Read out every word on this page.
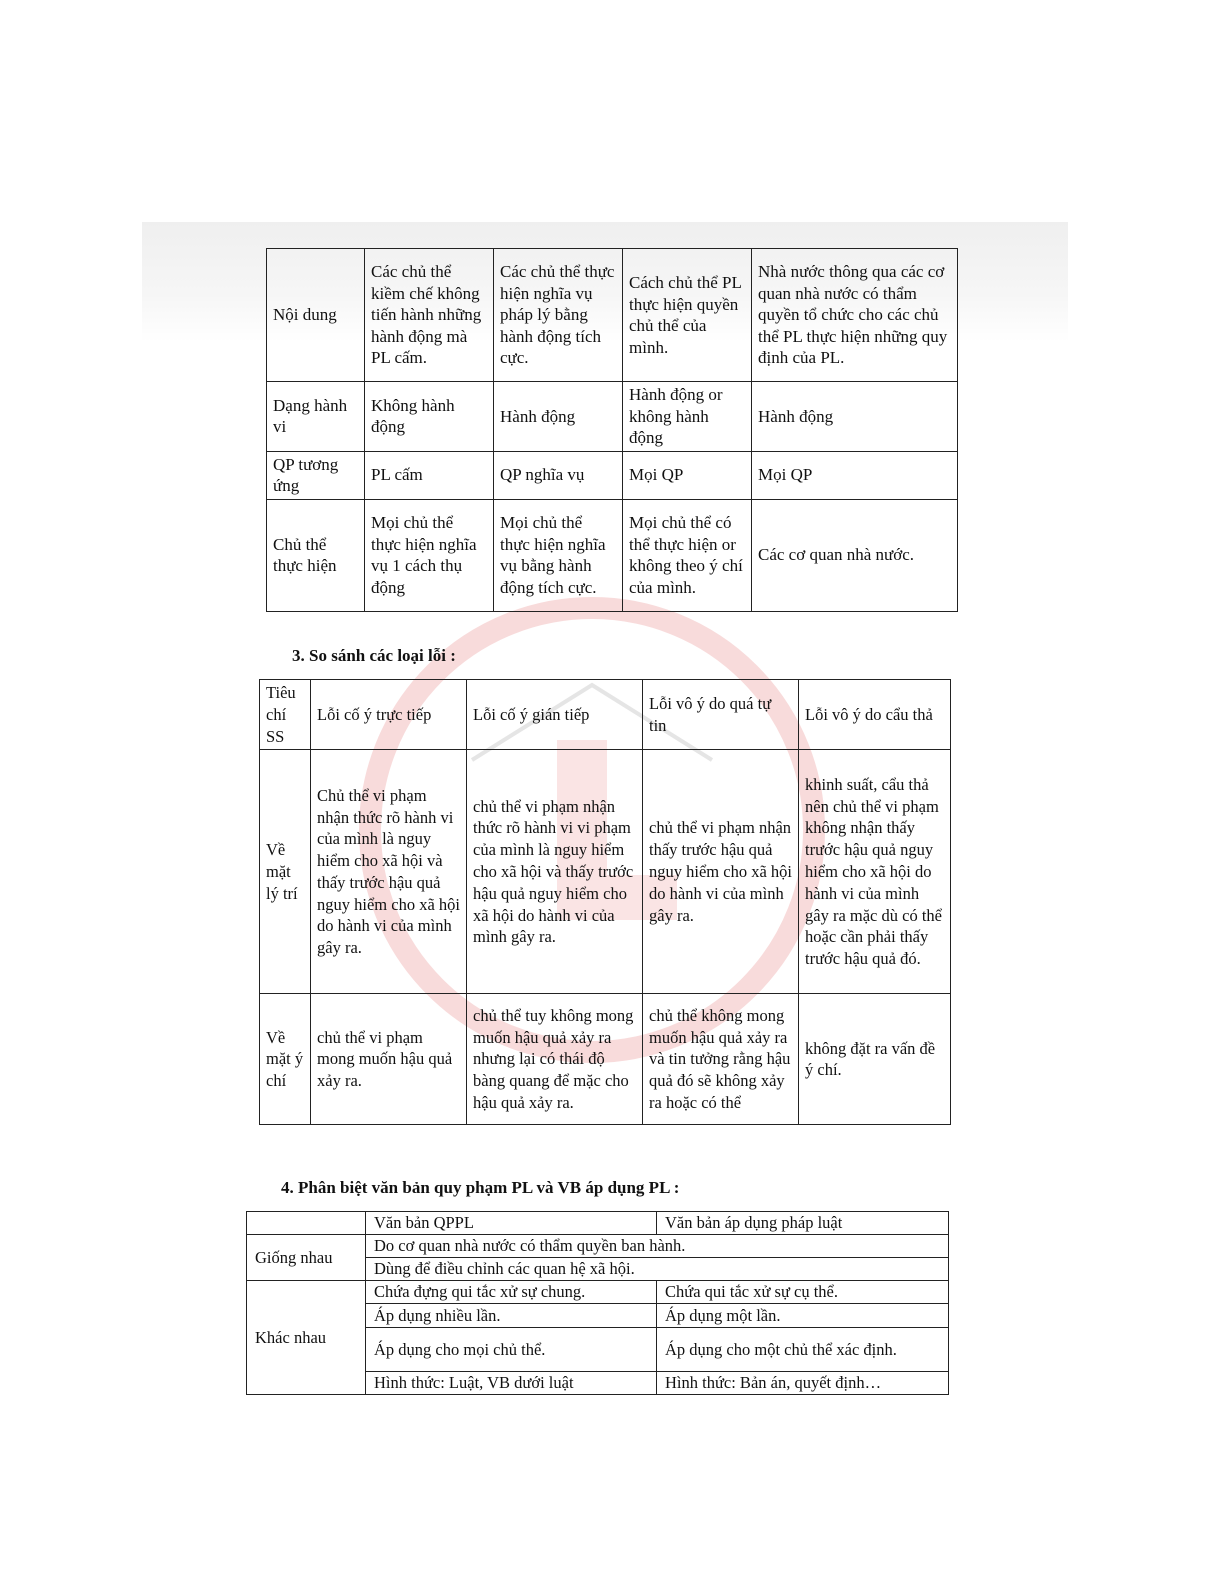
Nội dung	Các chủ thể kiềm chế không tiến hành những hành động mà PL cấm.	Các chủ thể thực hiện nghĩa vụ pháp lý bằng hành động tích cực.	Cách chủ thể PL thực hiện quyền chủ thể của mình.	Nhà nước thông qua các cơ quan nhà nước có thẩm quyền tổ chức cho các chủ thể PL thực hiện những quy định của PL.
Dạng hành vi	Không hành động	Hành động	Hành động or không hành động	Hành động
QP tương ứng	PL cấm	QP nghĩa vụ	Mọi QP	Mọi QP
Chủ thể thực hiện	Mọi chủ thể thực hiện nghĩa vụ 1 cách thụ động	Mọi chủ thể thực hiện nghĩa vụ bằng hành động tích cực.	Mọi chủ thể có thể thực hiện or không theo ý chí của mình.	Các cơ quan nhà nước.
3. So sánh các loại lỗi :
Tiêu chí SS	Lỗi cố ý trực tiếp	Lỗi cố ý gián tiếp	Lỗi vô ý do quá tự tin	Lỗi vô ý do cẩu thả
Về mặt lý trí	Chủ thể vi phạm nhận thức rõ hành vi của mình là nguy hiểm cho xã hội và thấy trước hậu quả nguy hiểm cho xã hội do hành vi của mình gây ra.	chủ thể vi phạm nhận thức rõ hành vi vi phạm của mình là nguy hiểm cho xã hội và thấy trước hậu quả nguy hiểm cho xã hội do hành vi của mình gây ra.	chủ thể vi phạm nhận thấy trước hậu quả nguy hiểm cho xã hội do hành vi của mình gây ra.	khinh suất, cẩu thả nên chủ thể vi phạm không nhận thấy trước hậu quả nguy hiểm cho xã hội do hành vi của mình gây ra mặc dù có thể hoặc cần phải thấy trước hậu quả đó.
Về mặt ý chí	chủ thể vi phạm mong muốn hậu quả xảy ra.	chủ thể tuy không mong muốn hậu quả xảy ra nhưng lại có thái độ bàng quang để mặc cho hậu quả xảy ra.	chủ thể không mong muốn hậu quả xảy ra và tin tưởng rằng hậu quả đó sẽ không xảy ra hoặc có thể	không đặt ra vấn đề ý chí.
4. Phân biệt văn bản quy phạm PL và VB áp dụng PL :
	Văn bản QPPL	Văn bản áp dụng pháp luật
Giống nhau	Do cơ quan nhà nước có thẩm quyền ban hành.	
	Dùng để điều chỉnh các quan hệ xã hội.	
Khác nhau	Chứa đựng qui tắc xử sự chung.	Chứa qui tắc xử sự cụ thể.
	Áp dụng nhiều lần.	Áp dụng một lần.
	Áp dụng cho mọi chủ thể.	Áp dụng cho một chủ thể xác định.
	Hình thức: Luật, VB dưới luật	Hình thức: Bản án, quyết định…
